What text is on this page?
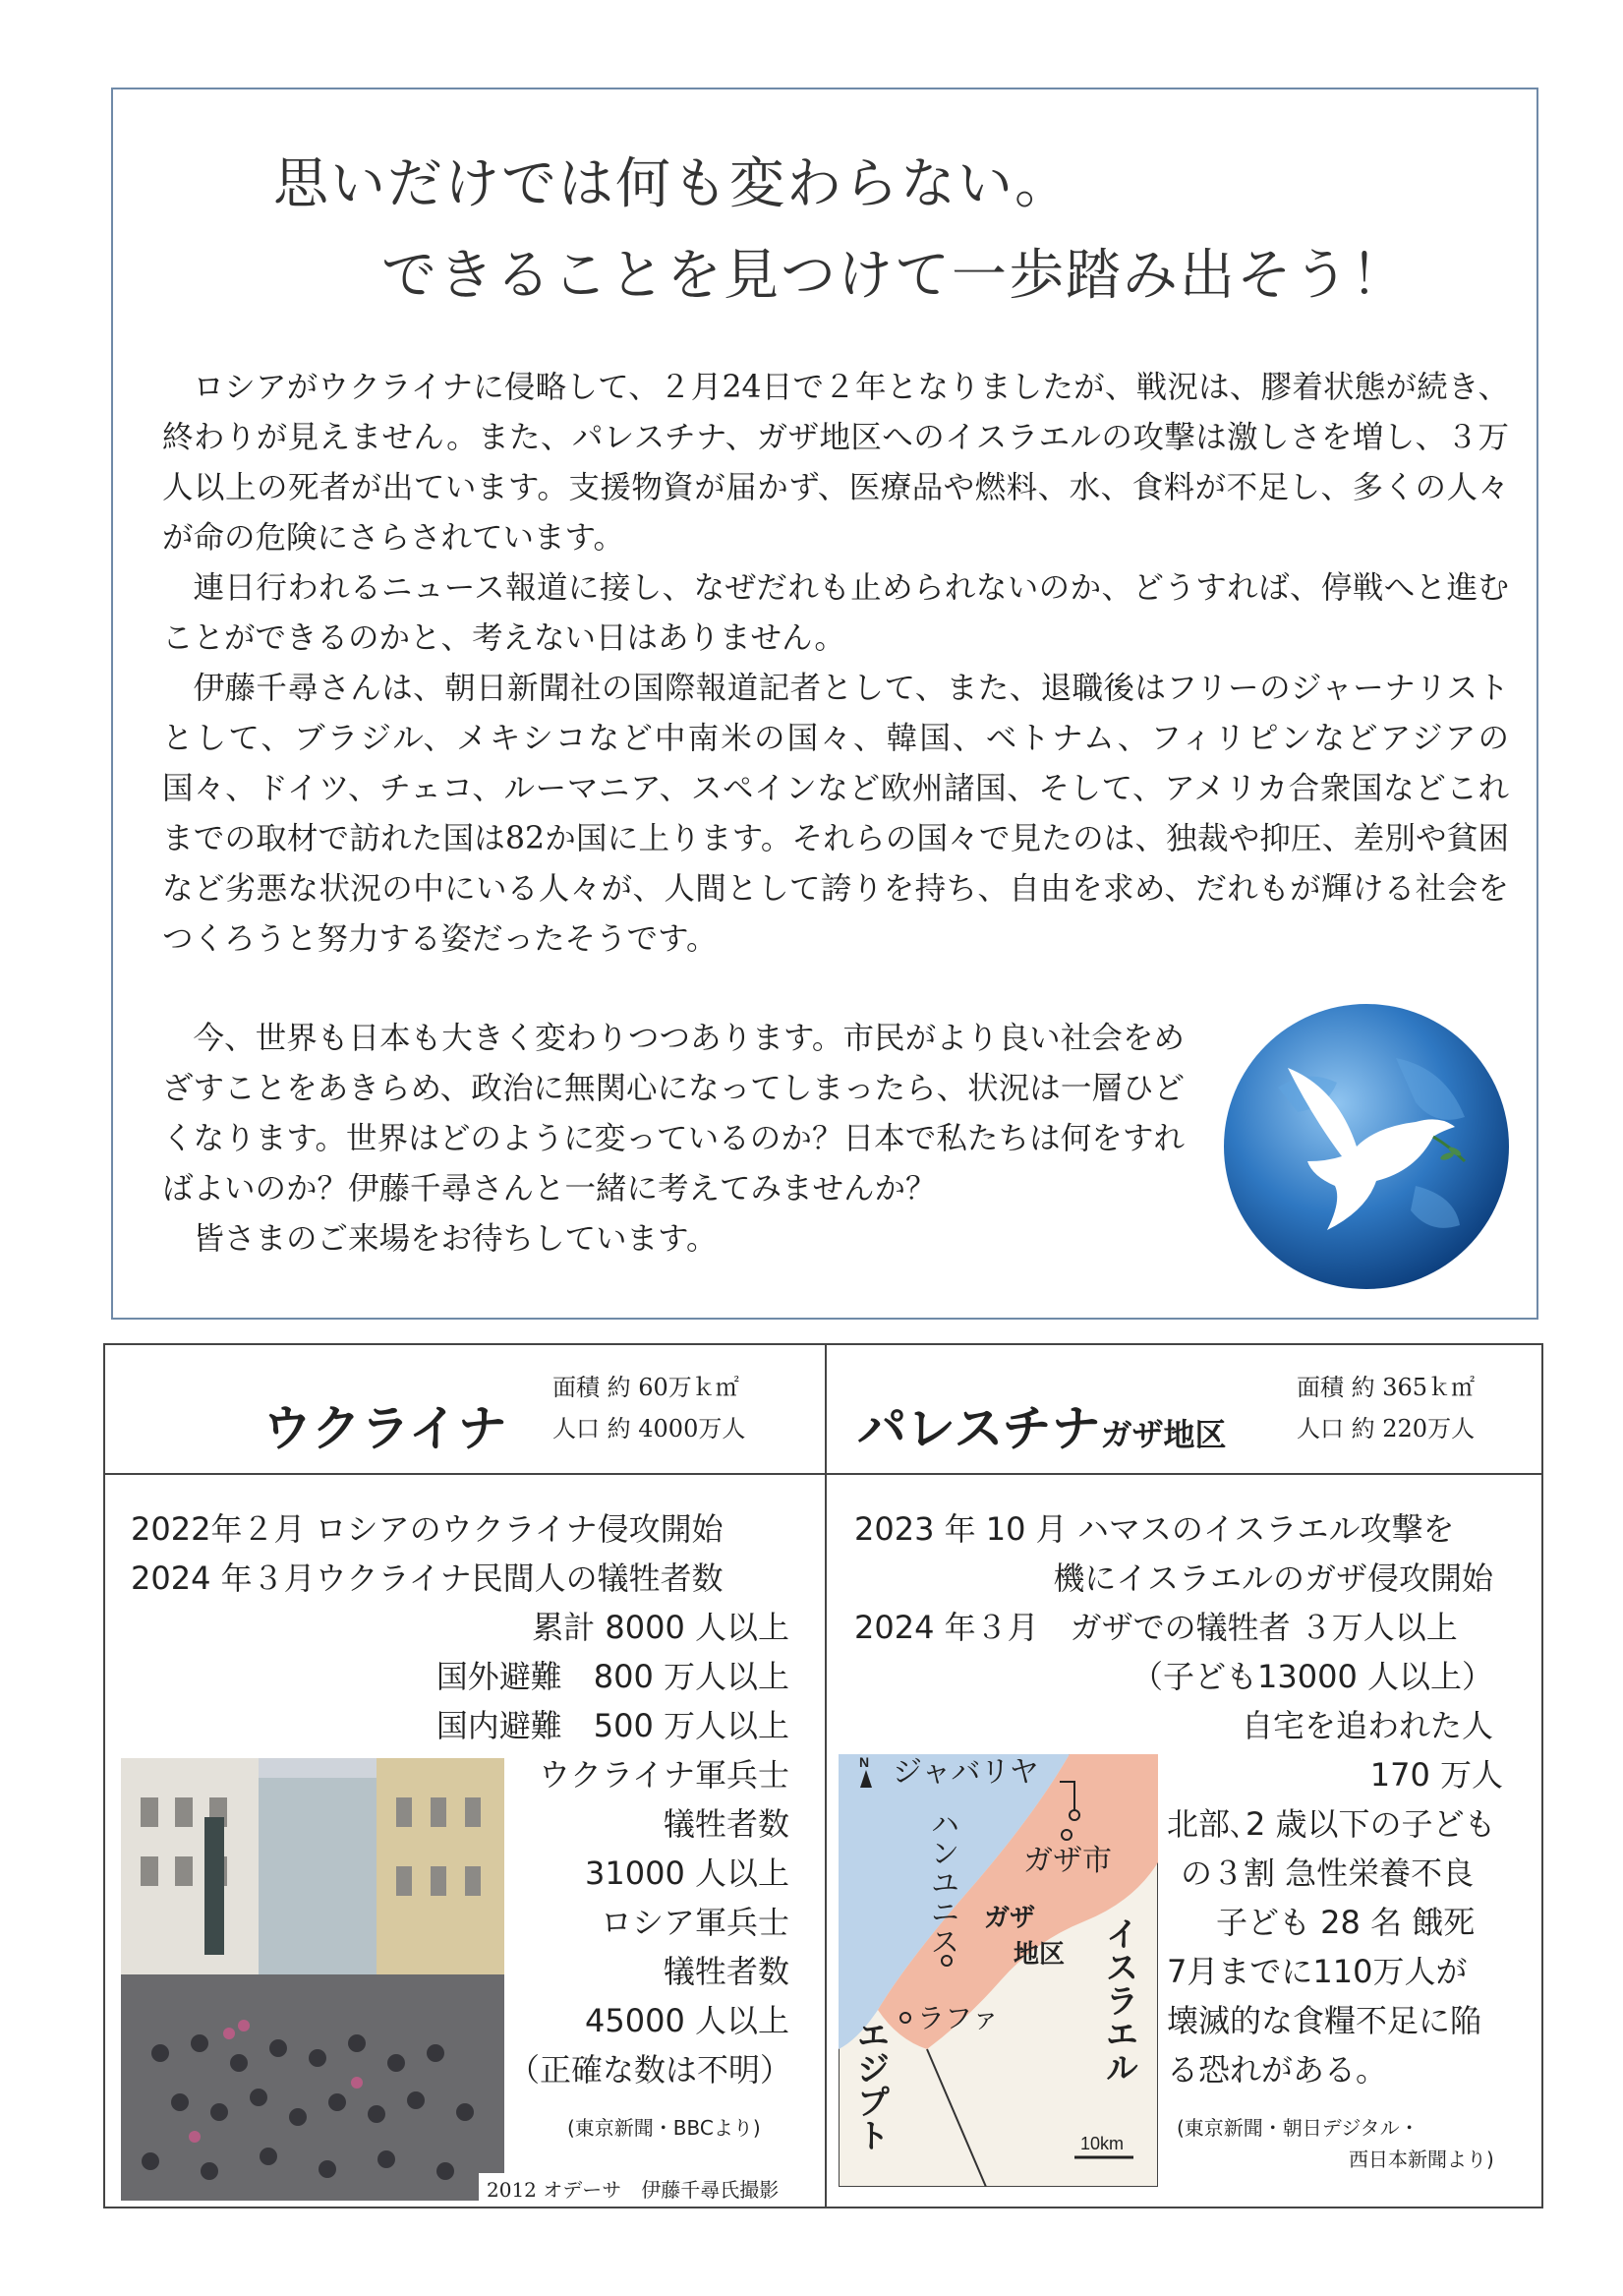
思いだけでは何も変わらない。
できることを見つけて一歩踏み出そう！

ロシアがウクライナに侵略して、２月24日で２年となりましたが、戦況は、膠着状態が続き、終わりが見えません。また、パレスチナ、ガザ地区へのイスラエルの攻撃は激しさを増し、３万人以上の死者が出ています。支援物資が届かず、医療品や燃料、水、食料が不足し、多くの人々が命の危険にさらされています。

連日行われるニュース報道に接し、なぜだれも止められないのか、どうすれば、停戦へと進むことができるのかと、考えない日はありません。

伊藤千尋さんは、朝日新聞社の国際報道記者として、また、退職後はフリーのジャーナリストとして、ブラジル、メキシコなど中南米の国々、韓国、ベトナム、フィリピンなどアジアの国々、ドイツ、チェコ、ルーマニア、スペインなど欧州諸国、そして、アメリカ合衆国などこれまでの取材で訪れた国は82か国に上ります。それらの国々で見たのは、独裁や抑圧、差別や貧困など劣悪な状況の中にいる人々が、人間として誇りを持ち、自由を求め、だれもが輝ける社会をつくろうと努力する姿だったそうです。

今、世界も日本も大きく変わりつつあります。市民がより良い社会をめざすことをあきらめ、政治に無関心になってしまったら、状況は一層ひどくなります。世界はどのように変っているのか？日本で私たちは何をすればよいのか？伊藤千尋さんと一緒に考えてみませんか？

皆さまのご来場をお待ちしています。

ウクライナ
面積 約 60万ｋ㎡
人口 約 4000万人 パレスチナガザ地区
面積 約 365ｋ㎡
人口 約 220万人
2022年２月 ロシアのウクライナ侵攻開始
2024 年３月ウクライナ民間人の犠牲者数
累計 8000 人以上
国外避難　800 万人以上
国内避難　500 万人以上
ウクライナ軍兵士
犠牲者数
31000 人以上
ロシア軍兵士
犠牲者数
45000 人以上
（正確な数は不明）
(東京新聞・BBCより)
2012 オデーサ　伊藤千尋氏撮影
2023 年 10 月 ハマスのイスラエル攻撃を
機にイスラエルのガザ侵攻開始
2024 年３月　ガザでの犠牲者 ３万人以上
（子ども13000 人以上）
自宅を追われた人
170 万人
北部､2 歳以下の子ども
の３割 急性栄養不良
子ども 28 名 餓死
7月までに110万人が
壊滅的な食糧不足に陥
る恐れがある。
(東京新聞・朝日デジタル・
西日本新聞より)
N ジャバリヤ
ガザ市
ハンユニス ガザ
地区
ラファ	イスラエル
エジプト	10km
